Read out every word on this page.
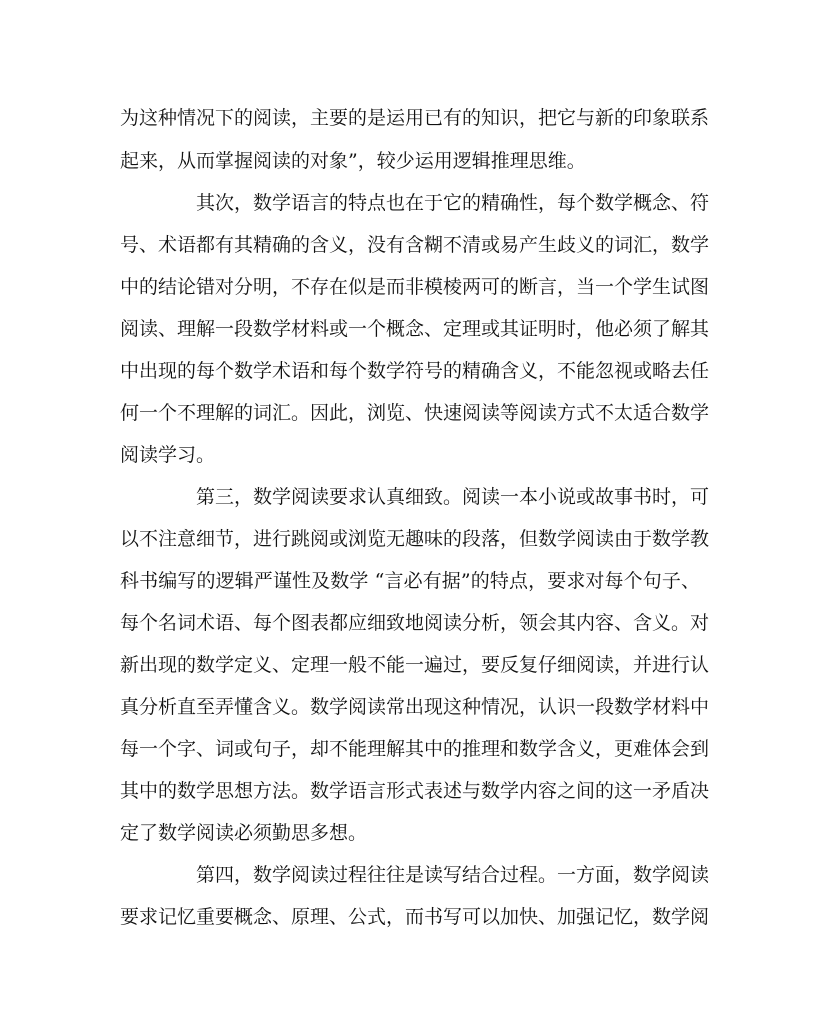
为这种情况下的阅读，主要的是运用已有的知识，把它与新的印象联系
起来，从而掌握阅读的对象”，较少运用逻辑推理思维。
其次，数学语言的特点也在于它的精确性，每个数学概念、符
号、术语都有其精确的含义，没有含糊不清或易产生歧义的词汇，数学
中的结论错对分明，不存在似是而非模棱两可的断言，当一个学生试图
阅读、理解一段数学材料或一个概念、定理或其证明时，他必须了解其
中出现的每个数学术语和每个数学符号的精确含义，不能忽视或略去任
何一个不理解的词汇。因此，浏览、快速阅读等阅读方式不太适合数学
阅读学习。
第三，数学阅读要求认真细致。阅读一本小说或故事书时，可
以不注意细节，进行跳阅或浏览无趣味的段落，但数学阅读由于数学教
科书编写的逻辑严谨性及数学 “言必有据”的特点，要求对每个句子、
每个名词术语、每个图表都应细致地阅读分析，领会其内容、含义。对
新出现的数学定义、定理一般不能一遍过，要反复仔细阅读，并进行认
真分析直至弄懂含义。数学阅读常出现这种情况，认识一段数学材料中
每一个字、词或句子，却不能理解其中的推理和数学含义，更难体会到
其中的数学思想方法。数学语言形式表述与数学内容之间的这一矛盾决
定了数学阅读必须勤思多想。
第四，数学阅读过程往往是读写结合过程。一方面，数学阅读
要求记忆重要概念、原理、公式，而书写可以加快、加强记忆，数学阅
